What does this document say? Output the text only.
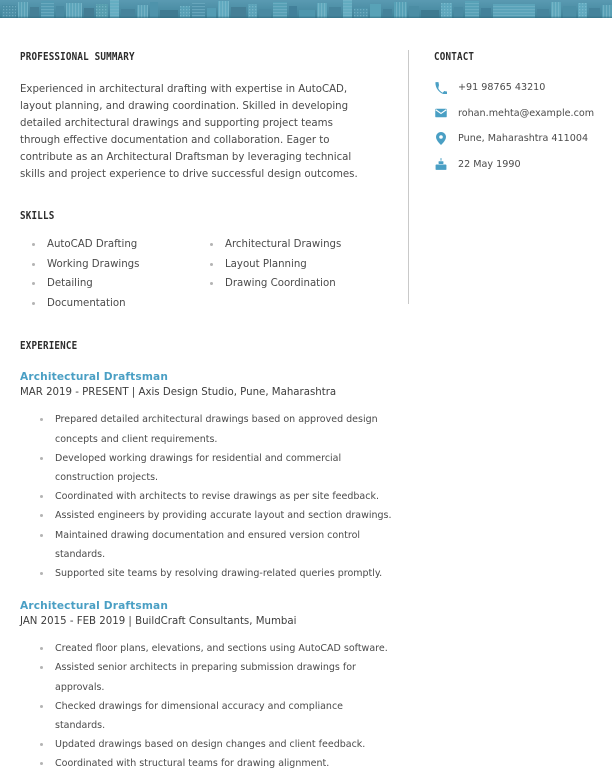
PROFESSIONAL SUMMARY
Experienced in architectural drafting with expertise in AutoCAD, layout planning, and drawing coordination. Skilled in developing detailed architectural drawings and supporting project teams through effective documentation and collaboration. Eager to contribute as an Architectural Draftsman by leveraging technical skills and project experience to drive successful design outcomes.
SKILLS
AutoCAD Drafting	Architectural Drawings
Working Drawings	Layout Planning
Detailing	Drawing Coordination
Documentation
EXPERIENCE
Architectural Draftsman
MAR 2019 - PRESENT | Axis Design Studio, Pune, Maharashtra
Prepared detailed architectural drawings based on approved design concepts and client requirements.
Developed working drawings for residential and commercial construction projects.
Coordinated with architects to revise drawings as per site feedback.
Assisted engineers by providing accurate layout and section drawings.
Maintained drawing documentation and ensured version control standards.
Supported site teams by resolving drawing-related queries promptly.
Architectural Draftsman
JAN 2015 - FEB 2019 | BuildCraft Consultants, Mumbai
Created floor plans, elevations, and sections using AutoCAD software.
Assisted senior architects in preparing submission drawings for approvals.
Checked drawings for dimensional accuracy and compliance standards.
Updated drawings based on design changes and client feedback.
Coordinated with structural teams for drawing alignment.
CONTACT
+91 98765 43210
rohan.mehta@example.com
Pune, Maharashtra 411004
22 May 1990
